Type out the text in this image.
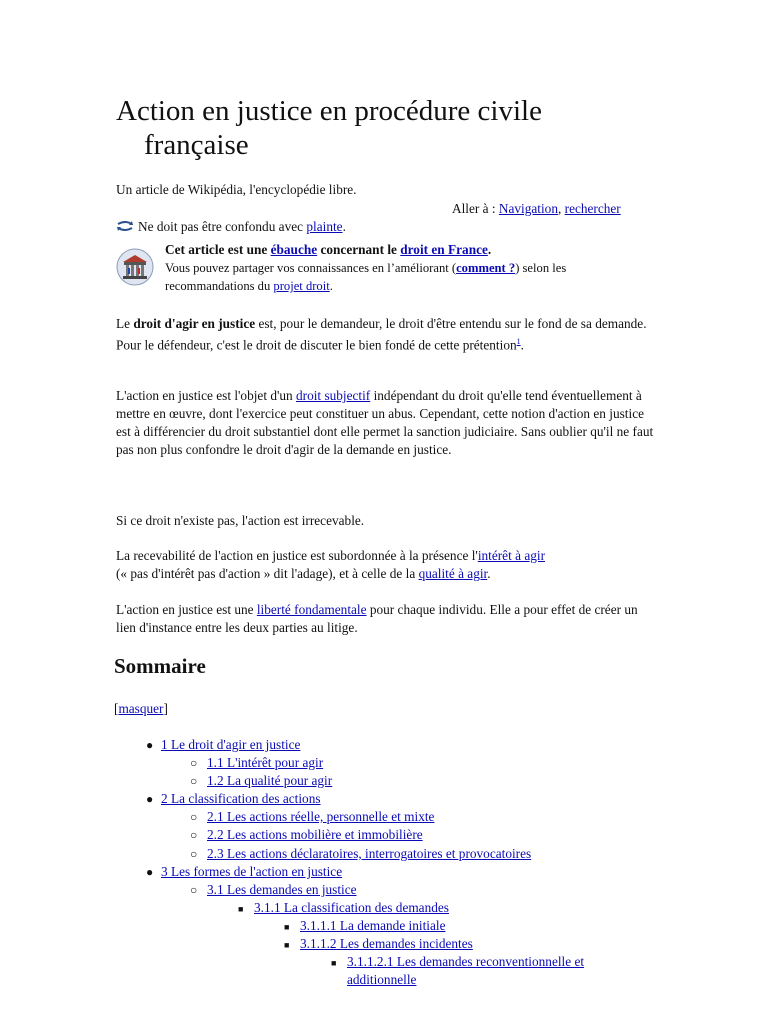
Action en justice en procédure civile
française
Un article de Wikipédia, l'encyclopédie libre.
Aller à : Navigation, rechercher
Ne doit pas être confondu avec plainte.
Cet article est une ébauche concernant le droit en France.
Vous pouvez partager vos connaissances en l’améliorant (comment ?) selon les
recommandations du projet droit.
Le droit d'agir en justice est, pour le demandeur, le droit d'être entendu sur le fond de sa demande. Pour le défendeur, c'est le droit de discuter le bien fondé de cette prétention$^1$.
L'action en justice est l'objet d'un droit subjectif indépendant du droit qu'elle tend éventuellement à mettre en œuvre, dont l'exercice peut constituer un abus. Cependant, cette notion d'action en justice est à différencier du droit substantiel dont elle permet la sanction judiciaire. Sans oublier qu'il ne faut pas non plus confondre le droit d'agir de la demande en justice.
Si ce droit n'existe pas, l'action est irrecevable.
La recevabilité de l'action en justice est subordonnée à la présence l'intérêt à agir
(« pas d'intérêt pas d'action » dit l'adage), et à celle de la qualité à agir.
L'action en justice est une liberté fondamentale pour chaque individu. Elle a pour effet de créer un lien d'instance entre les deux parties au litige.
Sommaire
[masquer]
● 1 Le droit d'agir en justice
○ 1.1 L'intérêt pour agir
○ 1.2 La qualité pour agir
● 2 La classification des actions
○ 2.1 Les actions réelle, personnelle et mixte
○ 2.2 Les actions mobilière et immobilière
○ 2.3 Les actions déclaratoires, interrogatoires et provocatoires
● 3 Les formes de l'action en justice
○ 3.1 Les demandes en justice
■ 3.1.1 La classification des demandes
■ 3.1.1.1 La demande initiale
■ 3.1.1.2 Les demandes incidentes
■ 3.1.1.2.1 Les demandes reconventionnelle et
additionnelle
